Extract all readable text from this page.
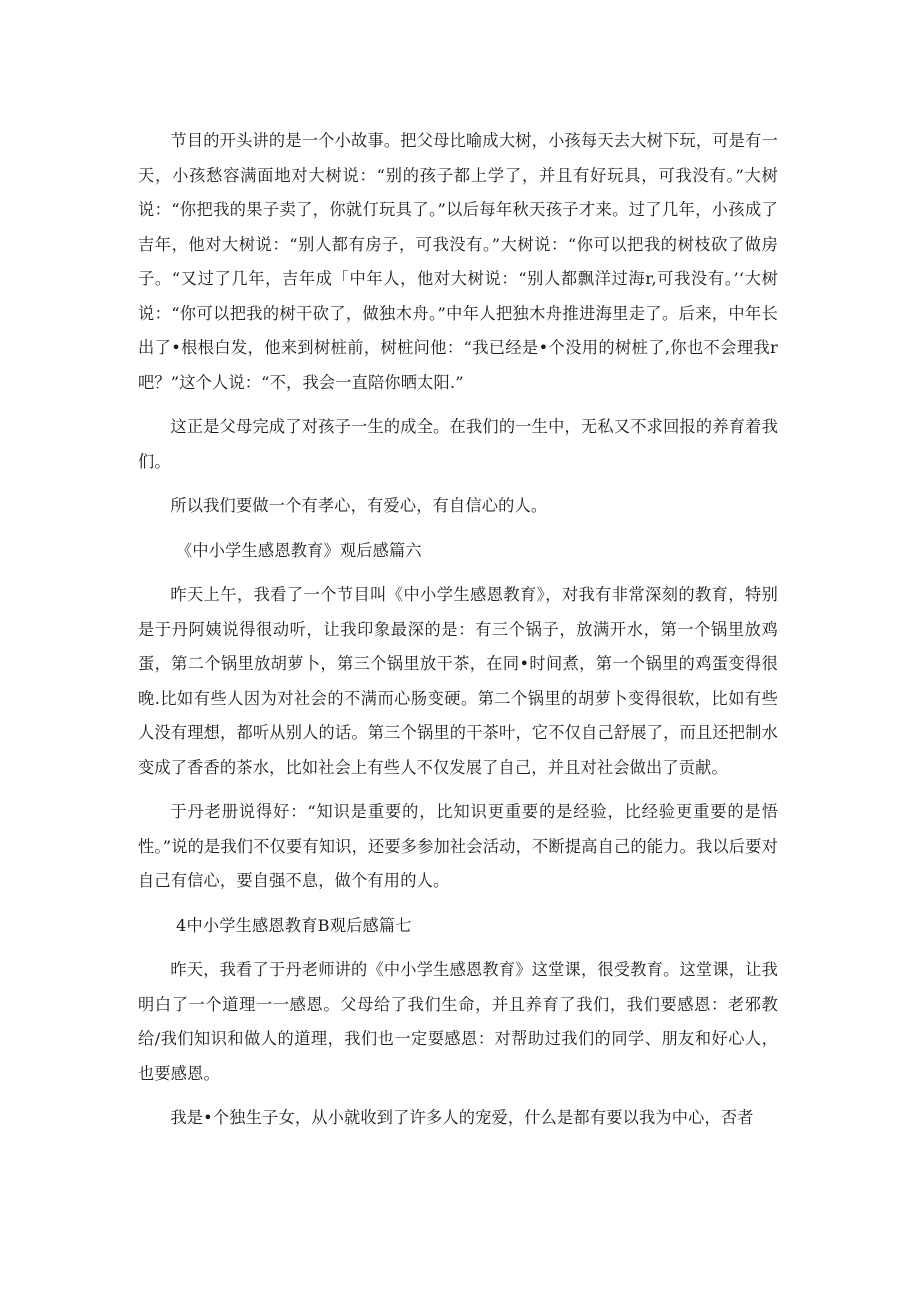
节目的开头讲的是一个小故事。把父母比喻成大树，小孩每天去大树下玩，可是有一天，小孩愁容满面地对大树说：“别的孩子都上学了，并且有好玩具，可我没有。”大树说：“你把我的果子卖了，你就仃玩具了。”以后每年秋天孩子才来。过了几年，小孩成了吉年，他对大树说：“别人都有房子，可我没有。”大树说：“你可以把我的树枝砍了做房子。“又过了几年，吉年成「中年人，他对大树说：“别人都飘洋过海r,可我没有。’‘大树说：“你可以把我的树干砍了，做独木舟。”中年人把独木舟推进海里走了。后来，中年长出了•根根白发，他来到树桩前，树桩问他：“我已经是•个没用的树桩了,你也不会理我r吧？”这个人说：“不，我会一直陪你晒太阳.”

这正是父母完成了对孩子一生的成全。在我们的一生中，无私又不求回报的养育着我们。

所以我们要做一个有孝心，有爱心，有自信心的人。

《中小学生感恩教育》观后感篇六

昨天上午，我看了一个节目叫《中小学生感恩教育》，对我有非常深刻的教育，特别是于丹阿姨说得很动听，让我印象最深的是：有三个锅子，放满开水，第一个锅里放鸡蛋，第二个锅里放胡萝卜，第三个锅里放干茶，在同•时间煮，第一个锅里的鸡蛋变得很晚.比如有些人因为对社会的不满而心肠变硬。第二个锅里的胡萝卜变得很软，比如有些人没有理想，都听从别人的话。第三个锅里的干茶叶，它不仅自己舒展了，而且还把制水变成了香香的茶水，比如社会上有些人不仅发展了自己，并且对社会做出了贡献。

于丹老册说得好：“知识是重要的，比知识更重要的是经验，比经验更重要的是悟性。”说的是我们不仅要有知识，还要多参加社会活动，不断提高自己的能力。我以后要对自己有信心，要自强不息，做个有用的人。

4中小学生感恩教育B观后感篇七

昨天，我看了于丹老师讲的《中小学生感恩教育》这堂课，很受教育。这堂课，让我明白了一个道理一一感恩。父母给了我们生命，并且养育了我们，我们要感恩：老邪教给/我们知识和做人的道理，我们也一定耍感恩：对帮助过我们的同学、朋友和好心人，也要感恩。

我是•个独生子女，从小就收到了许多人的宠爱，什么是都有要以我为中心，否者
